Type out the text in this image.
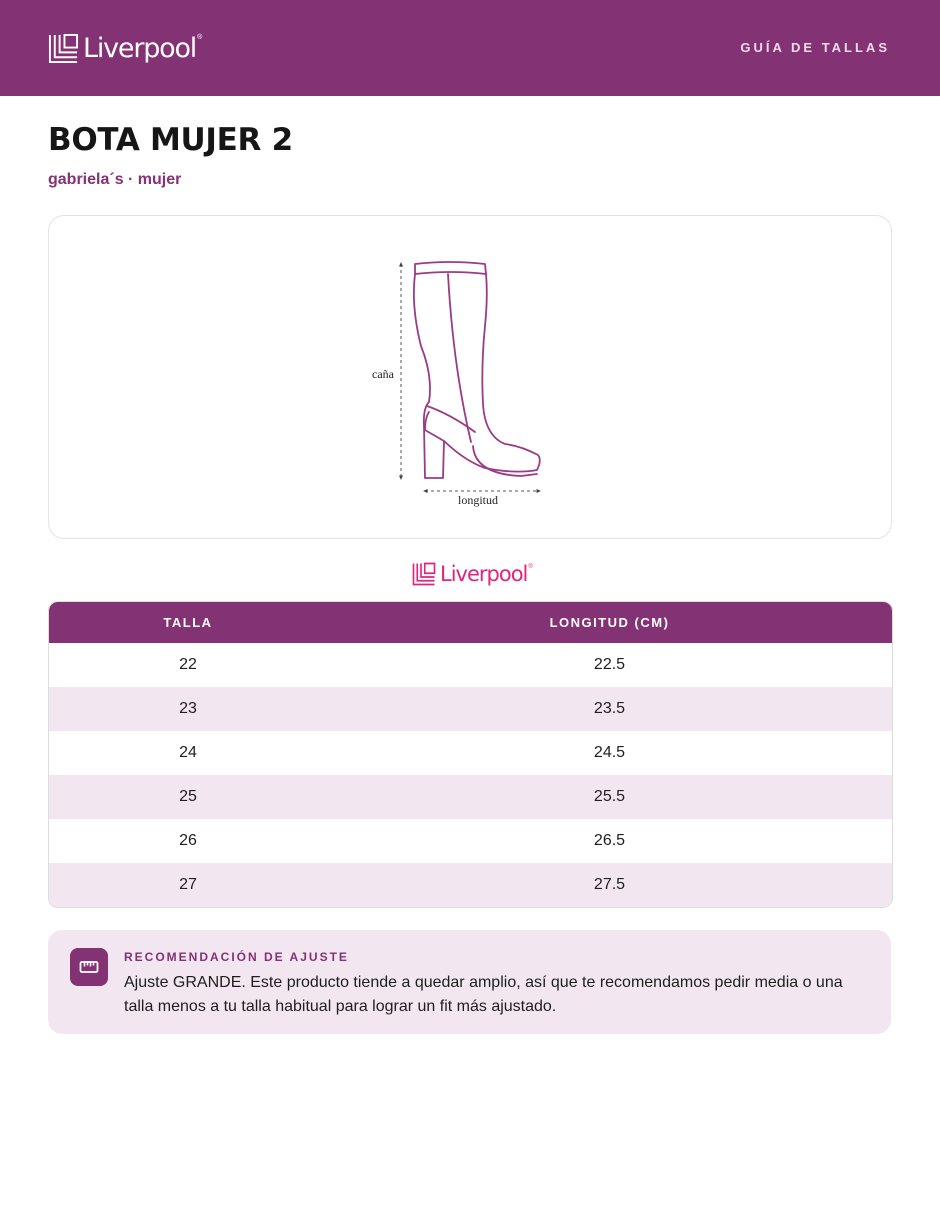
Liverpool ®
GUÍA DE TALLAS
BOTA MUJER 2
gabriela´s · mujer
caña
longitud
Liverpool ®
TALLA	LONGITUD (CM)
22	22.5
23	23.5
24	24.5
25	25.5
26	26.5
27	27.5
RECOMENDACIÓN DE AJUSTE
Ajuste GRANDE. Este producto tiende a quedar amplio, así que te recomendamos pedir media o una talla menos a tu talla habitual para lograr un fit más ajustado.
